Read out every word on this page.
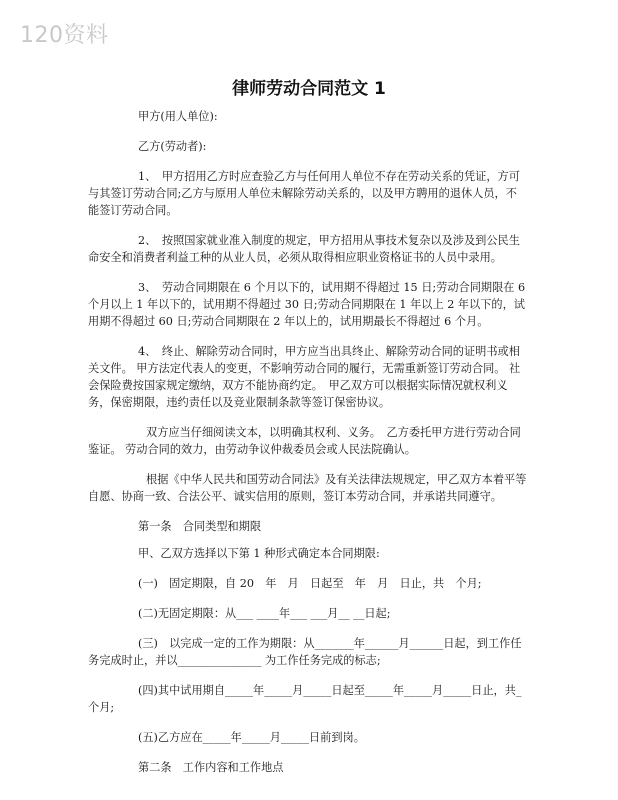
120资料
律师劳动合同范文 1

甲方(用人单位):

乙方(劳动者):

1、　甲方招用乙方时应查验乙方与任何用人单位不存在劳动关系的凭证，方可与其签订劳动合同;乙方与原用人单位未解除劳动关系的，以及甲方聘用的退休人员，不能签订劳动合同。

2、　按照国家就业准入制度的规定，甲方招用从事技术复杂以及涉及到公民生命安全和消费者利益工种的从业人员，必须从取得相应职业资格证书的人员中录用。

3、　劳动合同期限在 6 个月以下的，试用期不得超过 15 日;劳动合同期限在 6 个月以上 1 年以下的，试用期不得超过 30 日;劳动合同期限在 1 年以上 2 年以下的，试用期不得超过 60 日;劳动合同期限在 2 年以上的，试用期最长不得超过 6 个月。

4、　终止、解除劳动合同时，甲方应当出具终止、解除劳动合同的证明书或相关文件。 甲方法定代表人的变更，不影响劳动合同的履行，无需重新签订劳动合同。 社会保险费按国家规定缴纳，双方不能协商约定。　甲乙双方可以根据实际情况就权利义务，保密期限，违约责任以及竞业限制条款等签订保密协议。

双方应当仔细阅读文本，以明确其权利、义务。　乙方委托甲方进行劳动合同鉴证。 劳动合同的效力，由劳动争议仲裁委员会或人民法院确认。

根据《中华人民共和国劳动合同法》及有关法律法规规定，甲乙双方本着平等自愿、协商一致、合法公平、诚实信用的原则，签订本劳动合同，并承诺共同遵守。

第一条　合同类型和期限

甲、乙双方选择以下第 1 种形式确定本合同期限:

(一)　固定期限，自 20　年　月　日起至　年　月　日止，共　个月;

(二)无固定期限：从___ ____年___ ___月__ __日起;

(三)　以完成一定的工作为期限：从_______年______月______日起，到工作任务完成时止，并以_______________ 为工作任务完成的标志;

(四)其中试用期自_____年_____月_____日起至_____年_____月_____日止，共_个月;

(五)乙方应在_____年_____月_____日前到岗。

第二条　工作内容和工作地点
